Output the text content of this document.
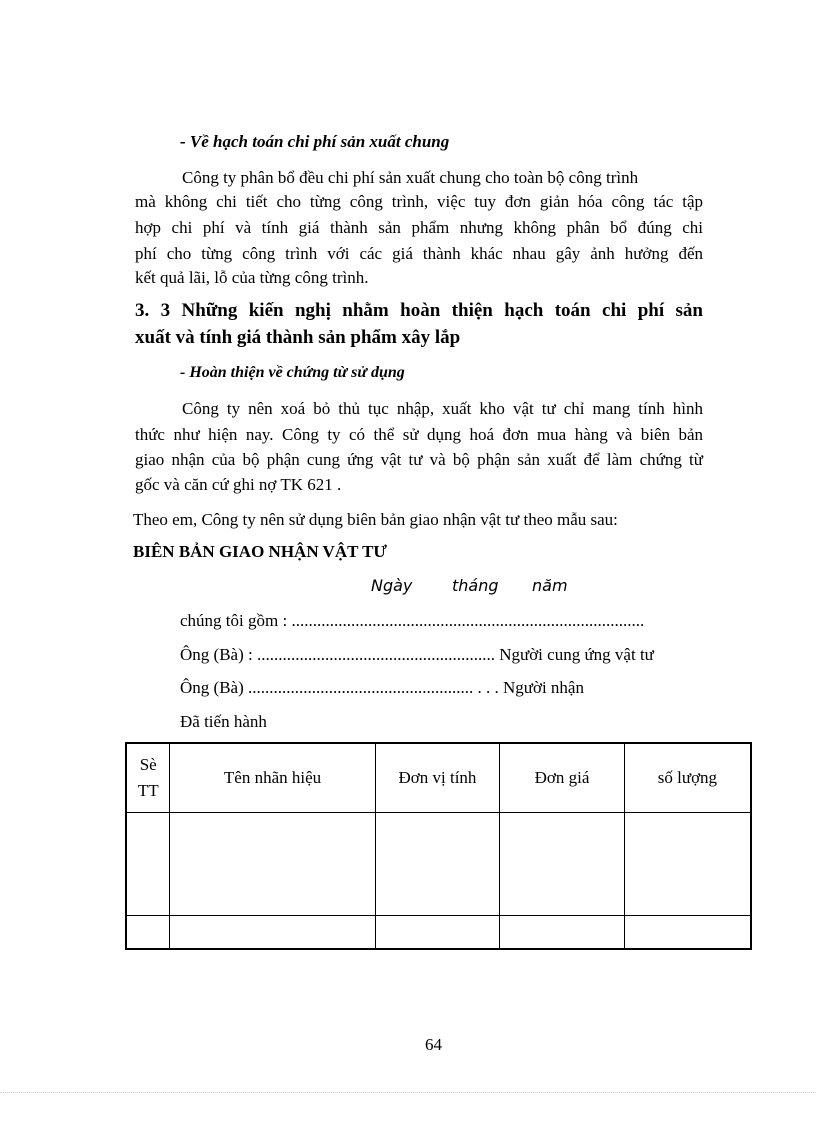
- Về hạch toán chi phí sản xuất chung
Công ty phân bổ đều chi phí sản xuất chung cho toàn bộ công trình
mà không chi tiết cho từng công trình, việc tuy đơn giản hóa công tác tập
hợp chi phí và tính giá thành sản phẩm nhưng không phân bổ đúng chi
phí cho từng công trình với các giá thành khác nhau gây ảnh hưởng đến
kết quả lãi, lỗ của từng công trình.
3. 3 Những kiến nghị nhằm hoàn thiện hạch toán chi phí sản
xuất và tính giá thành sản phẩm xây lắp
- Hoàn thiện về chứng từ sử dụng
Công ty nên xoá bỏ thủ tục nhập, xuất kho vật tư chỉ mang tính hình
thức như hiện nay. Công ty có thể sử dụng hoá đơn mua hàng và biên bản
giao nhận của bộ phận cung ứng vật tư và bộ phận sản xuất để làm chứng từ
gốc và căn cứ ghi nợ TK 621 .
Theo em, Công ty nên sử dụng biên bản giao nhận vật tư theo mẫu sau:
BIÊN BẢN GIAO NHẬN VẬT TƯ
Ngày tháng năm
chúng tôi gồm : ...................................................................................
Ông (Bà) : ........................................................ Người cung ứng vật tư
Ông (Bà) ..................................................... . . . Người nhận
Đã tiến hành
Sè TT	Tên nhãn hiệu	Đơn vị tính	Đơn giá	số lượng

64
